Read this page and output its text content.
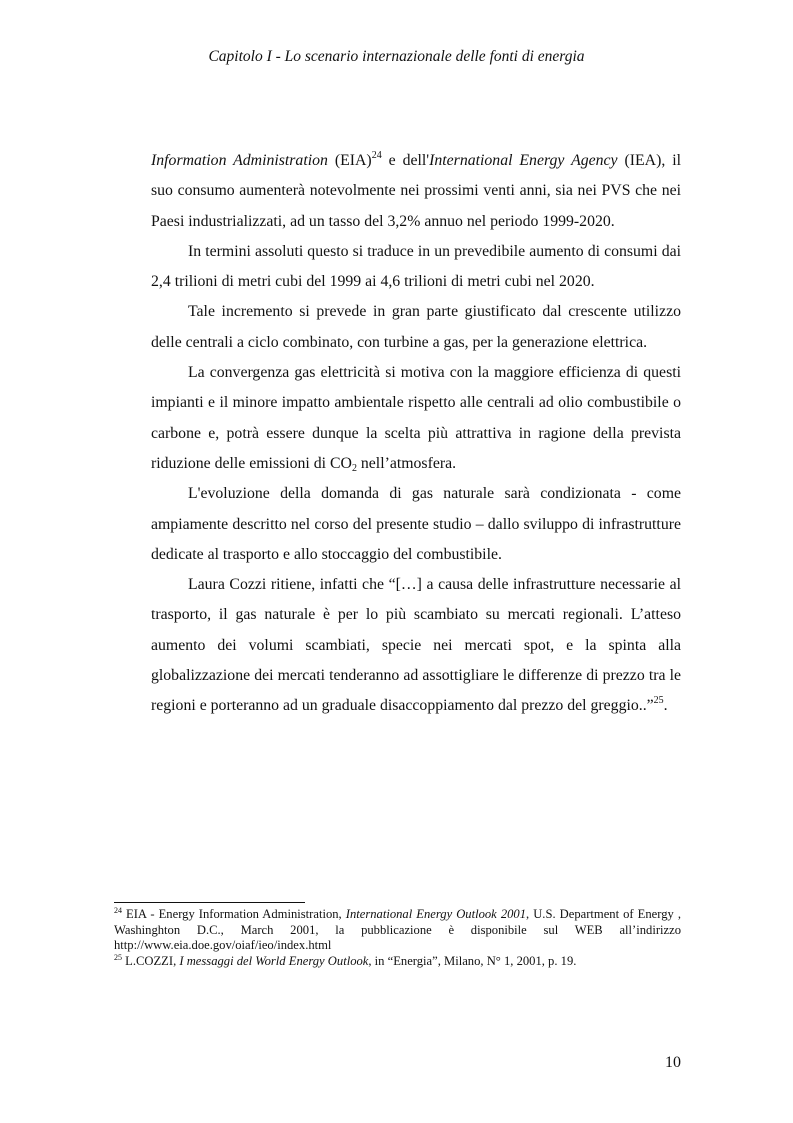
Capitolo I - Lo scenario internazionale delle fonti di energia

Information Administration (EIA)$^{24}$ e dell'International Energy Agency (IEA), il suo consumo aumenterà notevolmente nei prossimi venti anni, sia nei PVS che nei Paesi industrializzati, ad un tasso del 3,2% annuo nel periodo 1999-2020.

In termini assoluti questo si traduce in un prevedibile aumento di consumi dai 2,4 trilioni di metri cubi del 1999 ai 4,6 trilioni di metri cubi nel 2020.

Tale incremento si prevede in gran parte giustificato dal crescente utilizzo delle centrali a ciclo combinato, con turbine a gas, per la generazione elettrica.

La convergenza gas elettricità si motiva con la maggiore efficienza di questi impianti e il minore impatto ambientale rispetto alle centrali ad olio combustibile o carbone e, potrà essere dunque la scelta più attrattiva in ragione della prevista riduzione delle emissioni di $CO_2$ nell’atmosfera.

L'evoluzione della domanda di gas naturale sarà condizionata - come ampiamente descritto nel corso del presente studio – dallo sviluppo di infrastrutture dedicate al trasporto e allo stoccaggio del combustibile.

Laura Cozzi ritiene, infatti che “[…] a causa delle infrastrutture necessarie al trasporto, il gas naturale è per lo più scambiato su mercati regionali. L’atteso aumento dei volumi scambiati, specie nei mercati spot, e la spinta alla globalizzazione dei mercati tenderanno ad assottigliare le differenze di prezzo tra le regioni e porteranno ad un graduale disaccoppiamento dal prezzo del greggio..”$^{25}$.

$^{24}$ EIA - Energy Information Administration, International Energy Outlook 2001, U.S. Department of Energy , Washinghton D.C., March 2001, la pubblicazione è disponibile sul WEB all’indirizzo http://www.eia.doe.gov/oiaf/ieo/index.html

$^{25}$ L.COZZI, I messaggi del World Energy Outlook, in “Energia”, Milano, N° 1, 2001, p. 19.

10
